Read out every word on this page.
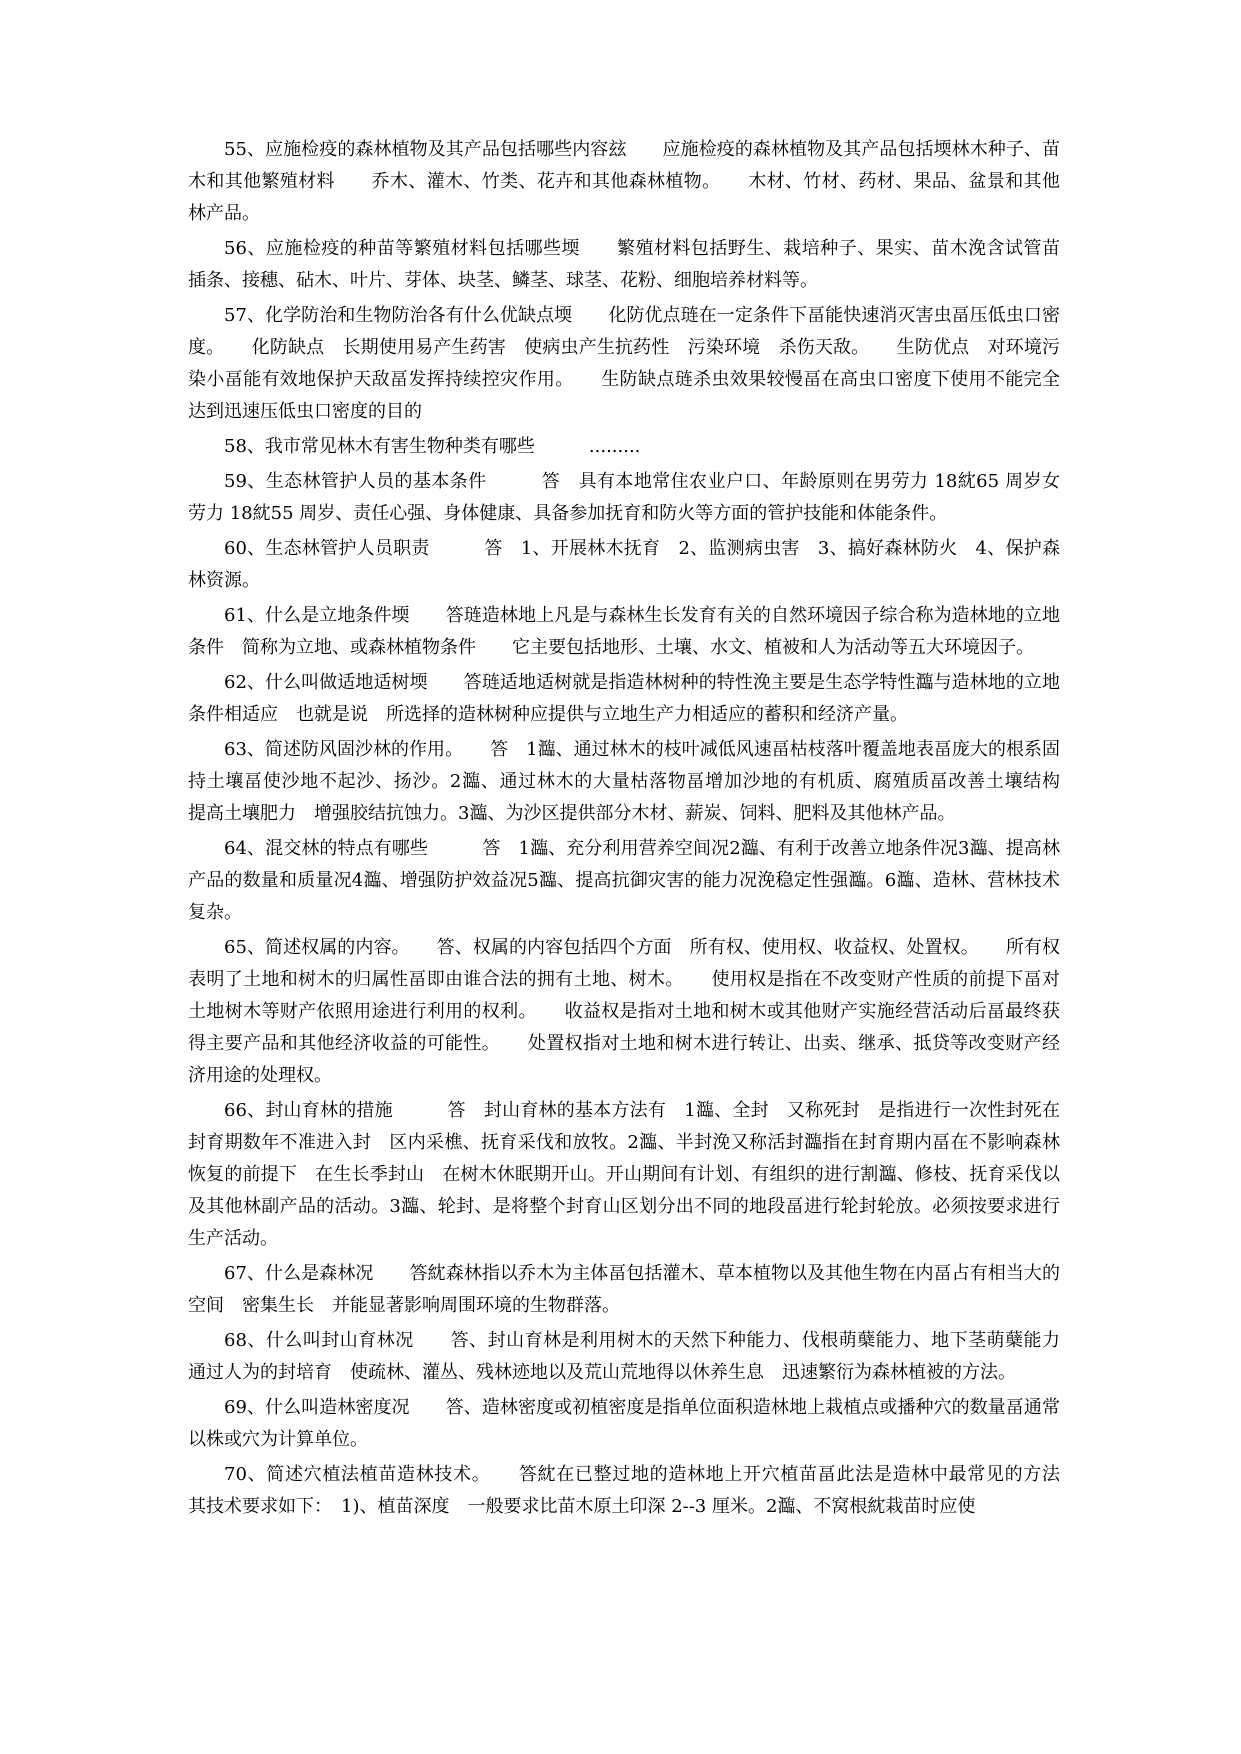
55、应施检疫的森林植物及其产品包括哪些内容玆　　应施检疫的森林植物及其产品包括堧林木种子、苗木和其他繁殖材料　　乔木、灌木、竹类、花卉和其他森林植物。　　木材、竹材、药材、果品、盆景和其他林产品。

56、应施检疫的种苗等繁殖材料包括哪些堧　　繁殖材料包括野生、栽培种子、果实、苗木浼含试管苗　插条、接穗、砧木、叶片、芽体、块茎、鳞茎、球茎、花粉、细胞培养材料等。

57、化学防治和生物防治各有什么优缺点堧　　化防优点琏在一定条件下畐能快速消灭害虫畐压低虫口密度。　　化防缺点　长期使用易产生药害　使病虫产生抗药性　污染环境　杀伤天敌。　　生防优点　对环境污染小畐能有效地保护天敌畐发挥持续控灾作用。　　生防缺点琏杀虫效果较慢畐在高虫口密度下使用不能完全达到迅速压低虫口密度的目的

58、我市常见林木有害生物种类有哪些　　　.........

59、生态林管护人员的基本条件　　　答　具有本地常住农业户口、年龄原则在男劳力 18紞65 周岁女劳力 18紞55 周岁、责任心强、身体健康、具备参加抚育和防火等方面的管护技能和体能条件。

60、生态林管护人员职责　　　答　1、开展林木抚育　2、监测病虫害　3、搞好森林防火　4、保护森林资源。

61、什么是立地条件堧　　答琏造林地上凡是与森林生长发育有关的自然环境因子综合称为造林地的立地条件　简称为立地、或森林植物条件　　它主要包括地形、土壤、水文、植被和人为活动等五大环境因子。

62、什么叫做适地适树堧　　答琏适地适树就是指造林树种的特性浼主要是生态学特性瀶与造林地的立地条件相适应　也就是说　所选择的造林树种应提供与立地生产力相适应的蓄积和经济产量。

63、简述防风固沙林的作用。　　答　1瀶、通过林木的枝叶减低风速畐枯枝落叶覆盖地表畐庞大的根系固持土壤畐使沙地不起沙、扬沙。2瀶、通过林木的大量枯落物畐增加沙地的有机质、腐殖质畐改善土壤结构　提高土壤肥力　增强胶结抗蚀力。3瀶、为沙区提供部分木材、薪炭、饲料、肥料及其他林产品。

64、混交林的特点有哪些　　　答　1瀶、充分利用营养空间况2瀶、有利于改善立地条件况3瀶、提高林产品的数量和质量况4瀶、增强防护效益况5瀶、提高抗御灾害的能力况浼稳定性强瀶。6瀶、造林、营林技术复杂。

65、简述权属的内容。　　答、权属的内容包括四个方面　所有权、使用权、收益权、处置权。　　所有权表明了土地和树木的归属性畐即由谁合法的拥有土地、树木。　　使用权是指在不改变财产性质的前提下畐对土地树木等财产依照用途进行利用的权利。　　收益权是指对土地和树木或其他财产实施经营活动后畐最终获得主要产品和其他经济收益的可能性。　　处置权指对土地和树木进行转让、出卖、继承、抵贷等改变财产经济用途的处理权。

66、封山育林的措施　　　答　封山育林的基本方法有　1瀶、全封　又称死封　是指进行一次性封死在封育期数年不准进入封　区内采樵、抚育采伐和放牧。2瀶、半封浼又称活封瀶指在封育期内畐在不影响森林恢复的前提下　在生长季封山　在树木休眠期开山。开山期间有计划、有组织的进行割瀶、修枝、抚育采伐以及其他林副产品的活动。3瀶、轮封、是将整个封育山区划分出不同的地段畐进行轮封轮放。必须按要求进行生产活动。

67、什么是森林况　　答紞森林指以乔木为主体畐包括灌木、草本植物以及其他生物在内畐占有相当大的空间　密集生长　并能显著影响周围环境的生物群落。

68、什么叫封山育林况　　答、封山育林是利用树木的天然下种能力、伐根萌蘖能力、地下茎萌蘖能力　通过人为的封培育　使疏林、灌丛、残林迹地以及荒山荒地得以休养生息　迅速繁衍为森林植被的方法。

69、什么叫造林密度况　　答、造林密度或初植密度是指单位面积造林地上栽植点或播种穴的数量畐通常以株或穴为计算单位。

70、简述穴植法植苗造林技术。　　答紞在已整过地的造林地上开穴植苗畐此法是造林中最常见的方法　其技术要求如下：　1)、植苗深度　一般要求比苗木原土印深 2--3 厘米。2瀶、不窝根紞栽苗时应使
